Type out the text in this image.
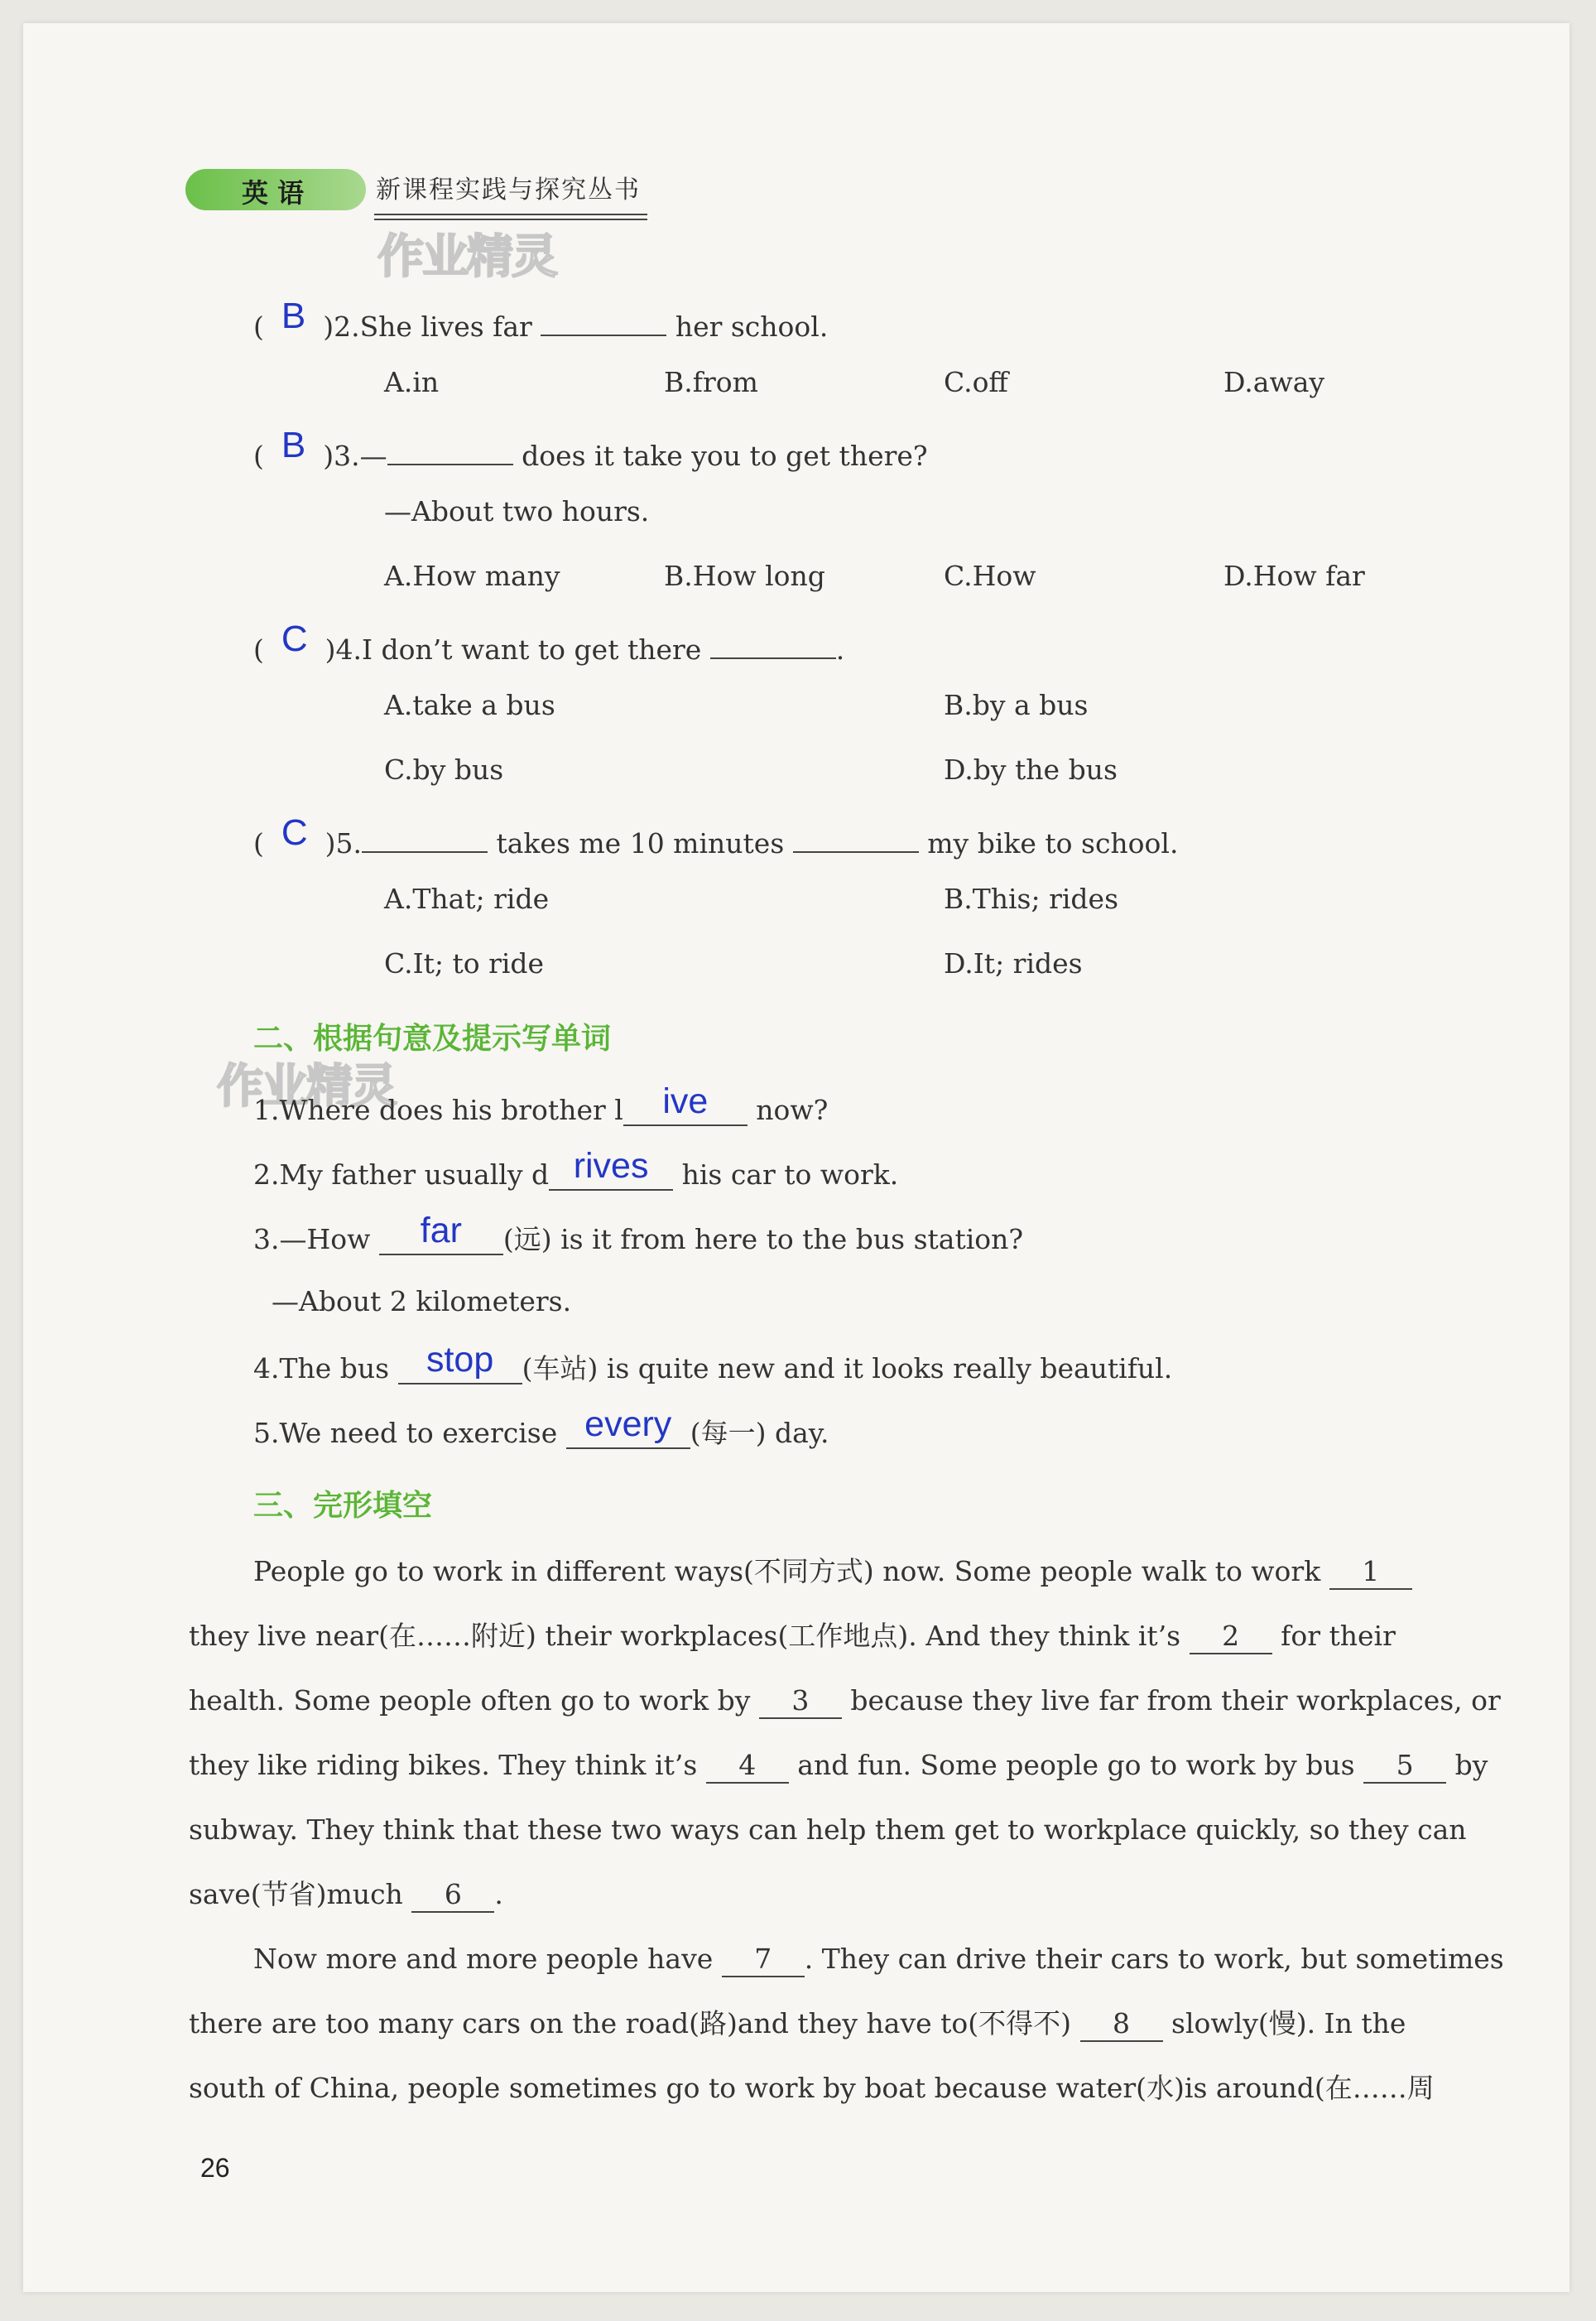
英 语	新课程实践与探究丛书
作业精灵
(  B  )2.She lives far	her school.
A.in	B.from	C.off	D.away
(  B  )3.—	does it take you to get there?
—About two hours.
A.How many	B.How long	C.How	D.How far
(  C  )4.I don’t want to get there	.
A.take a bus	B.by a bus
C.by bus	D.by the bus
(  C  )5.	takes me 10 minutes	my bike to school.
A.That; ride	B.This; rides
C.It; to ride	D.It; rides
二、根据句意及提示写单词
作业精灵
1.Where does his brother l ive now?
2.My father usually d rives his car to work.
3.—How far (远) is it from here to the bus station?
—About 2 kilometers.
4.The bus stop (车站) is quite new and it looks really beautiful.
5.We need to exercise every (每一) day.
三、完形填空
People go to work in different ways(不同方式) now. Some people walk to work 1
they live near(在……附近) their workplaces(工作地点). And they think it’s 2 for their
health. Some people often go to work by 3 because they live far from their workplaces, or
they like riding bikes. They think it’s 4 and fun. Some people go to work by bus 5 by
subway. They think that these two ways can help them get to workplace quickly, so they can
save(节省)much 6 .
Now more and more people have 7 . They can drive their cars to work, but sometimes
there are too many cars on the road(路)and they have to(不得不) 8 slowly(慢). In the
south of China, people sometimes go to work by boat because water(水)is around(在……周
26
